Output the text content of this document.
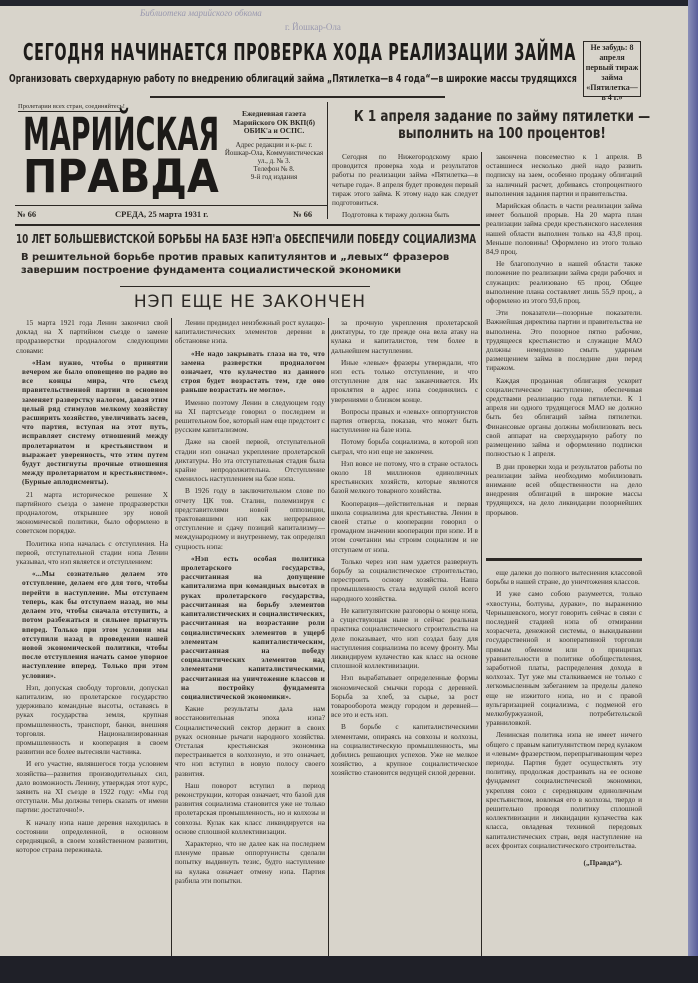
Библиотека марийского обкома
г. Йошкар-Ола
СЕГОДНЯ НАЧИНАЕТСЯ ПРОВЕРКА ХОДА РЕАЛИЗАЦИИ ЗАЙМА
Организовать сверхударную работу по внедрению облигаций займа „Пятилетка—в 4 года“—в широкие массы трудящихся
Не забудь: 8 апреля первый тираж займа «Пятилетка—в 4 г.»
Пролетарии всех стран, соединяйтесь!
МАРИЙСКАЯ
ПРАВДА
Ежедневная газета Марийского ОК ВКП(б) ОБИК'а и ОСПС.
Адрес редакции и к-ры: г. Йошкар-Ола, Коммунистическая ул., д. № 3.
Телефон № 8.
9-й год издания
№ 66	СРЕДА, 25 марта 1931 г.	№ 66
К 1 апреля задание по займу пятилетки — выполнить на 100 процентов!

Сегодня по Нижегородскому краю проводится проверка хода и результатов работы по реализации займа «Пятилетка—в четыре года». 8 апреля будет проведен первый тираж этого займа. К этому надо как следует подготовиться.

Подготовка к тиражу должна быть

закончена повсеместно к 1 апреля. В оставшиеся несколько дней надо развить подписку на заем, особенно продажу облигаций за наличный расчет, добиваясь стопроцентного выполнения задания партии и правительства.

Марийская область в части реализации займа имеет большой прорыв. На 20 марта план реализации займа среди крестьянского населения нашей области выполнен только на 43,8 проц. Меньше половины! Оформлено из этого только 84,9 проц.

Не благополучно в нашей области также положение по реализации займа среди рабочих и служащих: реализовано 65 проц. Общее выполнение плана составляет лишь 55,9 проц., а оформлено из этого 93,6 проц.

Эти показатели—позорные показатели. Важнейшая директива партии и правительства не выполнена. Это позорное пятно рабочие, трудящееся крестьянство и служащие МАО должны немедленно смыть ударным размещением займа в последние дни перед тиражом.

Каждая проданная облигация ускорит социалистическое наступление, обеспечивая средствами реализацию года пятилетки. К 1 апреля ни одного трудящегося МАО не должно быть без облигаций займа пятилетки. Финансовые органы должны мобилизовать весь свой аппарат на сверхударную работу по размещению займа и оформлению подписки полностью к 1 апреля.

В дни проверки хода и результатов работы по реализации займа необходимо мобилизовать внимание всей общественности на дело внедрения облигаций в широкие массы трудящихся, на дело ликвидации позорнейших прорывов.

10 ЛЕТ БОЛЬШЕВИСТСКОЙ БОРЬБЫ НА БАЗЕ НЭП'а ОБЕСПЕЧИЛИ ПОБЕДУ СОЦИАЛИЗМА
В решительной борьбе против правых капитулянтов и „левых“ фразеров
завершим построение фундамента социалистической экономики
НЭП ЕЩЕ НЕ ЗАКОНЧЕН

15 марта 1921 года Ленин закончил свой доклад на X партийном съезде о замене продразверстки продналогом следующими словами:

«Нам нужно, чтобы о принятии вечером же было оповещено по радио во все концы мира, что съезд правительственной партии в основном заменяет разверстку налогом, давая этим целый ряд стимулов мелкому хозяйству расширить хозяйство, увеличивать засев, что партия, вступая на этот путь, исправляет систему отношений между пролетариатом и крестьянством и выражает уверенность, что этим путем будут достигнуты прочные отношения между пролетариатом и крестьянством». (Бурные аплодисменты).

21 марта историческое решение X партийного съезда о замене продразверстки продналогом, открывшее эру новой экономической политики, было оформлено в советском порядке.

Политика нэпа началась с отступления. На первой, отступательной стадии нэпа Ленин указывал, что нэп является и отступлением:

«...Мы сознательно делаем это отступление, делаем его для того, чтобы перейти в наступление. Мы отступаем теперь, как бы отступаем назад, но мы делаем это, чтобы сначала отступить, а потом разбежаться и сильнее прыгнуть вперед. Только при этом условии мы отступили назад в проведении нашей новой экономической политики, чтобы после отступления начать самое упорное наступление вперед. Только при этом условии».

Нэп, допуская свободу торговли, допускал капитализм, но пролетарское государство удерживало командные высоты, оставаясь в руках государства земля, крупная промышленность, транспорт, банки, внешняя торговля. Национализированная промышленность и кооперация в своем развитии все более вытесняли частника.

И его участие, являвшегося тогда условием хозяйства—развития производительных сил, дало возможность Ленину, утверждая этот курс, заявить на XI съезде в 1922 году: «Мы год отступали. Мы должны теперь сказать от имени партии: достаточно!».

К началу нэпа наше деревня находилась в состоянии определенной, в основном середняцкой, в своем хозяйственном развитии, которое страна переживала.

Ленин предвидел неизбежный рост кулацко-капиталистических элементов деревни в обстановке нэпа.

«Не надо закрывать глаза на то, что замена разверстки продналогом означает, что кулачество из данного строя будет возрастать тем, где оно раньше возрастать не могло».

Именно поэтому Ленин в следующем году на XI партсъезде говорил о последнем и решительном бое, который нам еще предстоит с русским капитализмом.

Даже на своей первой, отступательной стадии нэп означал укрепление пролетарской диктатуры. Но эта отступательная стадия была крайне непродолжительна. Отступление сменилось наступлением на базе нэпа.

В 1926 году в заключительном слове по отчету ЦК тов. Сталин, полемизируя с представителями новой оппозиции, трактовавшими нэп как непрерывное отступление и сдачу позиций капитализму—международному и внутреннему, так определял сущность нэпа:

«Нэп есть особая политика пролетарского государства, рассчитанная на допущение капитализма при командных высотах в руках пролетарского государства, рассчитанная на борьбу элементов капиталистических и социалистических, рассчитанная на возрастание роли социалистических элементов в ущерб элементам капиталистическим, рассчитанная на победу социалистических элементов над элементами капиталистическими, рассчитанная на уничтожение классов и на постройку фундамента социалистической экономики».

Какие результаты дала нам восстановительная эпоха нэпа? Социалистический сектор держит в своих руках основные рычаги народного хозяйства. Отсталая крестьянская экономика перестраивается в колхозную, и это означает, что нэп вступил в новую полосу своего развития.

Наш поворот вступил в период реконструкции, которая означает, что базой для развития социализма становится уже не только пролетарская промышленность, но и колхозы и совхозы. Кулак как класс ликвидируется на основе сплошной коллективизации.

Характерно, что не далее как на последнем пленуме правые оппортунисты сделали попытку выдвинуть тезис, будто наступление на кулака означает отмену нэпа. Партия разбила эти попытки.

за прочную укрепления пролетарской диктатуры, то где прежде она вела атаку на кулака и капиталистов, тем более в дальнейшем наступлении.

Иные «левые» фразеры утверждали, что нэп есть только отступление, и что отступление для нас заканчивается. Их проклятия в адрес нэпа соединялись с уверениями о близком конце.

Вопросы правых и «левых» оппортунистов партия отвергла, показав, что может быть наступление на базе нэпа.

Потому борьба социализма, в которой нэп сыграл, что нэп еще не закончен.

Нэп вовсе не потому, что в стране осталось около 18 миллионов единоличных крестьянских хозяйств, которые являются базой мелкого товарного хозяйства.

Кооперация—действительная и первая школа социализма для крестьянства. Ленин в своей статье о кооперации говорил о громадном значении кооперации при нэпе. И в этом сочетании мы строим социализм и не отступаем от нэпа.

Только через нэп нам удается развернуть борьбу за социалистическое строительство, перестроить основу хозяйства. Наша промышленность стала ведущей силой всего народного хозяйства.

Не капитулянтские разговоры о конце нэпа, а существующая ныне и сейчас реальная практика социалистического строительства на деле показывает, что нэп создал базу для наступления социализма по всему фронту. Мы ликвидируем кулачество как класс на основе сплошной коллективизации.

Нэп вырабатывает определенные формы экономической смычки города с деревней. Борьба за хлеб, за сырье, за рост товарооборота между городом и деревней—все это и есть нэп.

В борьбе с капиталистическими элементами, опираясь на совхозы и колхозы, на социалистическую промышленность, мы добились решающих успехов. Уже не мелкое хозяйство, а крупное социалистическое хозяйство становится ведущей силой деревни.

еще далеки до полного вытеснения классовой борьбы в нашей стране, до уничтожения классов.

И уже само собою разумеется, только «хвостуны, болтуны, дураки», по выражению Чернышевского, могут говорить сейчас в связи с последней стадией нэпа об отмирании хозрасчета, денежной системы, о выкидывании государственной и кооперативной торговли прямым обменом или о принципах уравнительности в политике обобществления, заработной платы, распределения дохода в колхозах. Тут уже мы сталкиваемся не только с легкомысленным забеганием за пределы далеко еще не изжитого нэпа, но и с правой вульгаризацией социализма, с подменой его мелкобуржуазной, потребительской уравниловкой.

Ленинская политика нэпа не имеет ничего общего с правым капитулянтством перед кулаком и «левым» фразерством, перепрыгивающим через периоды. Партия будет осуществлять эту политику, продолжая достраивать на ее основе фундамент социалистической экономики, укрепляя союз с середняцким единоличным крестьянством, вовлекая его в колхозы, твердо и решительно проводя политику сплошной коллективизации и ликвидации кулачества как класса, овладевая техникой передовых капиталистических стран, ведя наступление на всех фронтах социалистического строительства.

(„Правда“).
